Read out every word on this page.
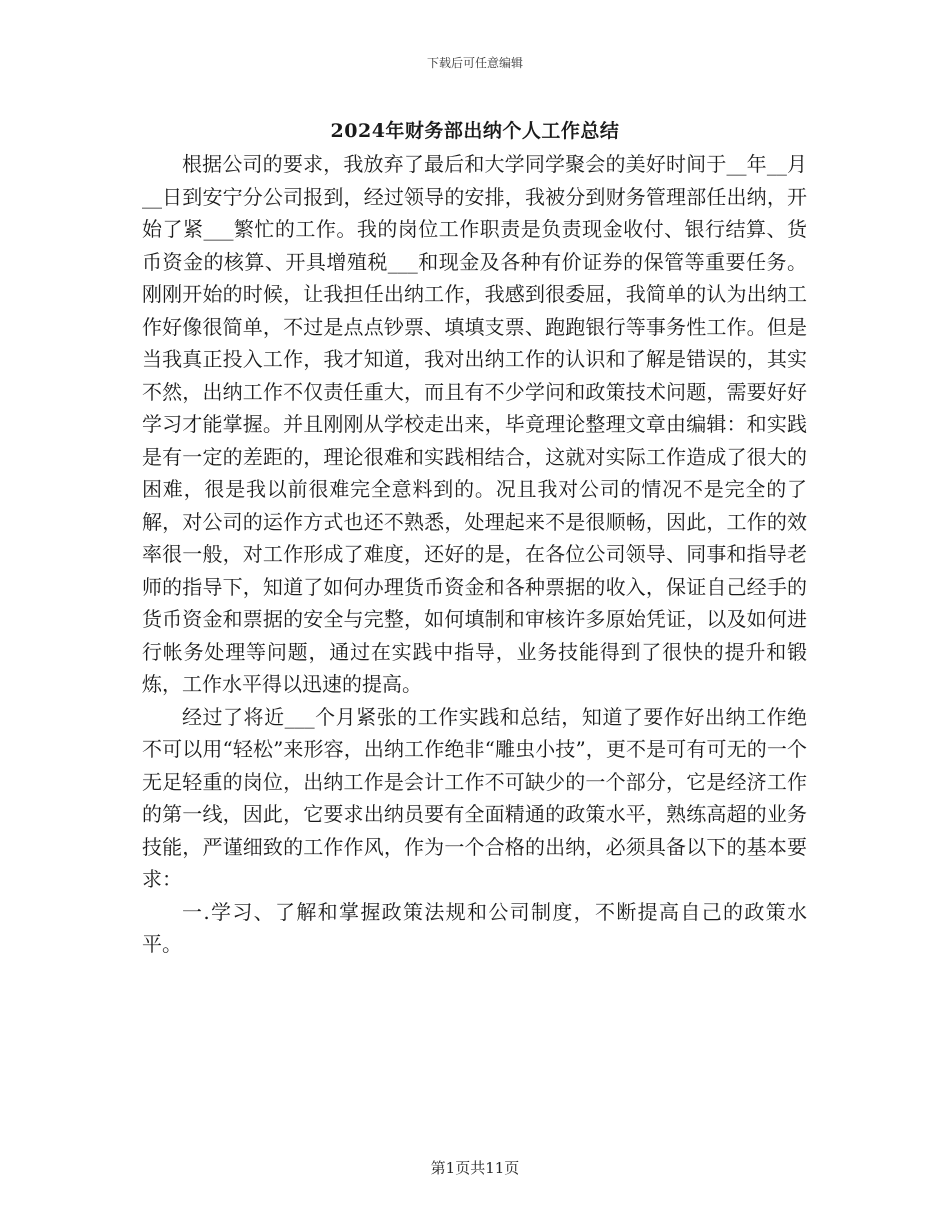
下载后可任意编辑
2024年财务部出纳个人工作总结

根据公司的要求，我放弃了最后和大学同学聚会的美好时间于__年__月__日到安宁分公司报到，经过领导的安排，我被分到财务管理部任出纳，开始了紧___繁忙的工作。我的岗位工作职责是负责现金收付、银行结算、货币资金的核算、开具增殖税___和现金及各种有价证券的保管等重要任务。刚刚开始的时候，让我担任出纳工作，我感到很委屈，我简单的认为出纳工作好像很简单，不过是点点钞票、填填支票、跑跑银行等事务性工作。但是当我真正投入工作，我才知道，我对出纳工作的认识和了解是错误的，其实不然，出纳工作不仅责任重大，而且有不少学问和政策技术问题，需要好好学习才能掌握。并且刚刚从学校走出来，毕竟理论整理文章由编辑：和实践是有一定的差距的，理论很难和实践相结合，这就对实际工作造成了很大的困难，很是我以前很难完全意料到的。况且我对公司的情况不是完全的了解，对公司的运作方式也还不熟悉，处理起来不是很顺畅，因此，工作的效率很一般，对工作形成了难度，还好的是，在各位公司领导、同事和指导老师的指导下，知道了如何办理货币资金和各种票据的收入，保证自己经手的货币资金和票据的安全与完整，如何填制和审核许多原始凭证，以及如何进行帐务处理等问题，通过在实践中指导，业务技能得到了很快的提升和锻炼，工作水平得以迅速的提高。

经过了将近___个月紧张的工作实践和总结，知道了要作好出纳工作绝不可以用“轻松”来形容，出纳工作绝非“雕虫小技”，更不是可有可无的一个无足轻重的岗位，出纳工作是会计工作不可缺少的一个部分，它是经济工作的第一线，因此，它要求出纳员要有全面精通的政策水平，熟练高超的业务技能，严谨细致的工作作风，作为一个合格的出纳，必须具备以下的基本要求：

一.学习、了解和掌握政策法规和公司制度，不断提高自己的政策水平。

第1页共11页
